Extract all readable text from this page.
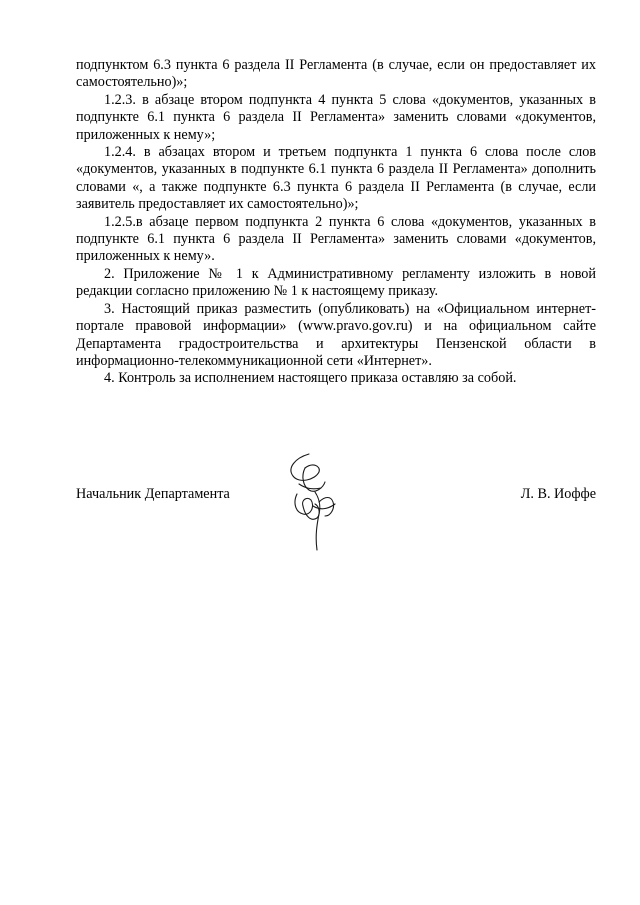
подпунктом 6.3 пункта 6 раздела II Регламента (в случае, если он предоставляет их самостоятельно)»;

1.2.3. в абзаце втором подпункта 4 пункта 5 слова «документов, указанных в подпункте 6.1 пункта 6 раздела II Регламента» заменить словами «документов, приложенных к нему»;

1.2.4. в абзацах втором и третьем подпункта 1 пункта 6 слова после слов «документов, указанных в подпункте 6.1 пункта 6 раздела II Регламента» дополнить словами «, а также подпункте 6.3 пункта 6 раздела II Регламента (в случае, если заявитель предоставляет их самостоятельно)»;

1.2.5.в абзаце первом подпункта 2 пункта 6 слова «документов, указанных в подпункте 6.1 пункта 6 раздела II Регламента» заменить словами «документов, приложенных к нему».

2. Приложение № 1 к Административному регламенту изложить в новой редакции согласно приложению № 1 к настоящему приказу.

3. Настоящий приказ разместить (опубликовать) на «Официальном интернет-портале правовой информации» (www.pravo.gov.ru) и на официальном сайте Департамента градостроительства и архитектуры Пензенской области в информационно-телекоммуникационной сети «Интернет».

4. Контроль за исполнением настоящего приказа оставляю за собой.

Начальник Департамента	Л. В. Иоффе
